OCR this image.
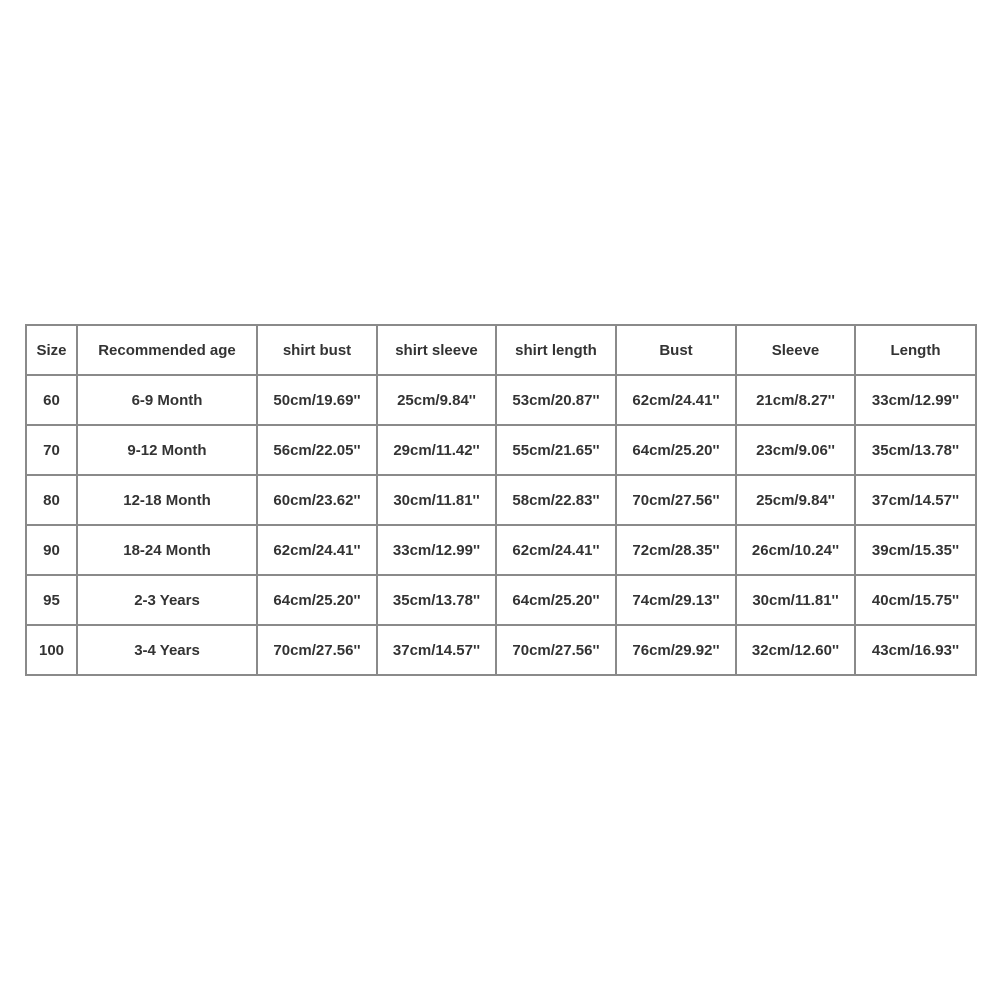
Size	Recommended age	shirt bust	shirt sleeve	shirt length	Bust	Sleeve	Length
60	6-9 Month	50cm/19.69''	25cm/9.84''	53cm/20.87''	62cm/24.41''	21cm/8.27''	33cm/12.99''
70	9-12 Month	56cm/22.05''	29cm/11.42''	55cm/21.65''	64cm/25.20''	23cm/9.06''	35cm/13.78''
80	12-18 Month	60cm/23.62''	30cm/11.81''	58cm/22.83''	70cm/27.56''	25cm/9.84''	37cm/14.57''
90	18-24 Month	62cm/24.41''	33cm/12.99''	62cm/24.41''	72cm/28.35''	26cm/10.24''	39cm/15.35''
95	2-3 Years	64cm/25.20''	35cm/13.78''	64cm/25.20''	74cm/29.13''	30cm/11.81''	40cm/15.75''
100	3-4 Years	70cm/27.56''	37cm/14.57''	70cm/27.56''	76cm/29.92''	32cm/12.60''	43cm/16.93''
